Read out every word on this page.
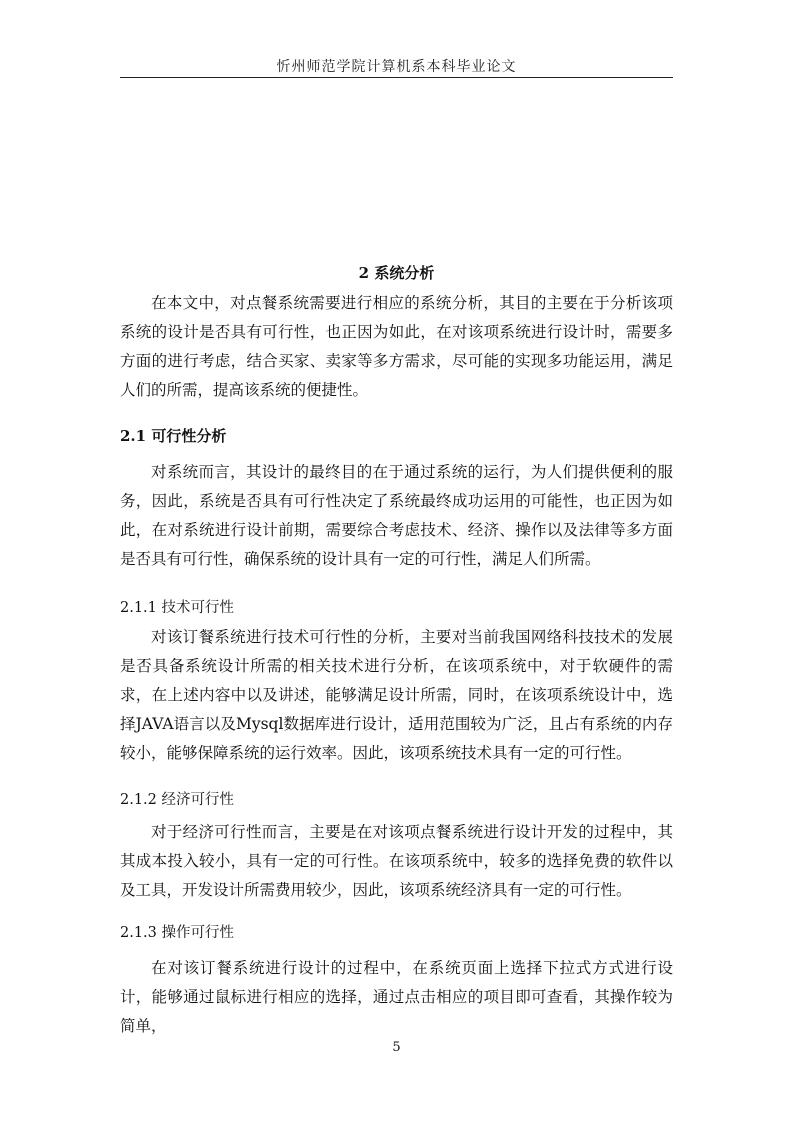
忻州师范学院计算机系本科毕业论文
2 系统分析

在本文中，对点餐系统需要进行相应的系统分析，其目的主要在于分析该项系统的设计是否具有可行性，也正因为如此，在对该项系统进行设计时，需要多方面的进行考虑，结合买家、卖家等多方需求，尽可能的实现多功能运用，满足人们的所需，提高该系统的便捷性。

2.1 可行性分析

对系统而言，其设计的最终目的在于通过系统的运行，为人们提供便利的服务，因此，系统是否具有可行性决定了系统最终成功运用的可能性，也正因为如此，在对系统进行设计前期，需要综合考虑技术、经济、操作以及法律等多方面是否具有可行性，确保系统的设计具有一定的可行性，满足人们所需。

2.1.1 技术可行性

对该订餐系统进行技术可行性的分析，主要对当前我国网络科技技术的发展是否具备系统设计所需的相关技术进行分析，在该项系统中，对于软硬件的需求，在上述内容中以及讲述，能够满足设计所需，同时，在该项系统设计中，选择JAVA语言以及Mysql数据库进行设计，适用范围较为广泛，且占有系统的内存较小，能够保障系统的运行效率。因此，该项系统技术具有一定的可行性。

2.1.2 经济可行性

对于经济可行性而言，主要是在对该项点餐系统进行设计开发的过程中，其其成本投入较小，具有一定的可行性。在该项系统中，较多的选择免费的软件以及工具，开发设计所需费用较少，因此，该项系统经济具有一定的可行性。

2.1.3 操作可行性

在对该订餐系统进行设计的过程中，在系统页面上选择下拉式方式进行设计，能够通过鼠标进行相应的选择，通过点击相应的项目即可查看，其操作较为简单，

5
